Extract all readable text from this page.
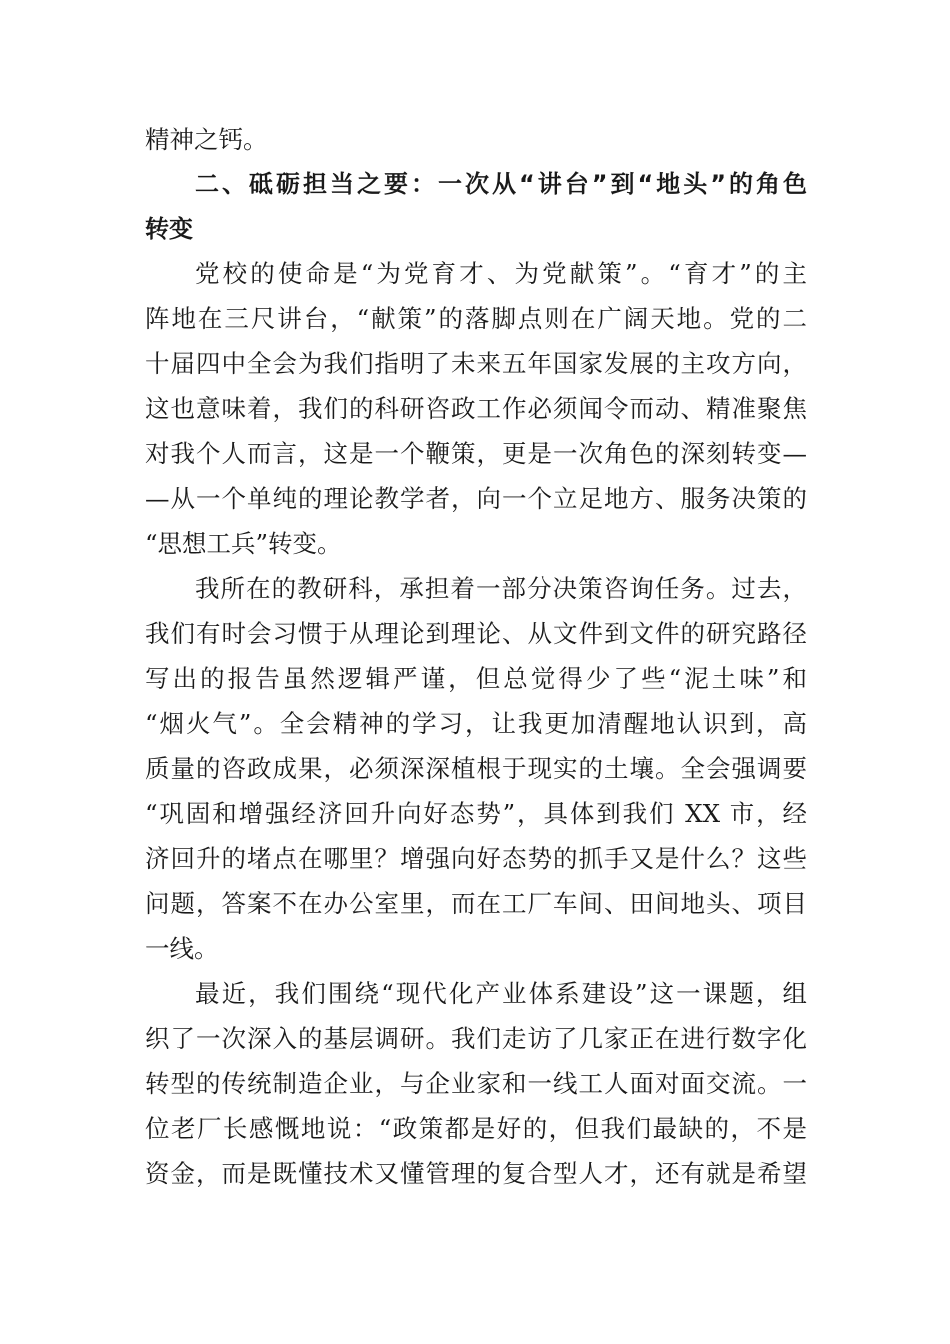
精神之钙。
二、砥砺担当之要：一次从“讲台”到“地头”的角色
转变
党校的使命是“为党育才、为党献策”。“育才”的主
阵地在三尺讲台，“献策”的落脚点则在广阔天地。党的二
十届四中全会为我们指明了未来五年国家发展的主攻方向，
这也意味着，我们的科研咨政工作必须闻令而动、精准聚焦
对我个人而言，这是一个鞭策，更是一次角色的深刻转变—
—从一个单纯的理论教学者，向一个立足地方、服务决策的
“思想工兵”转变。
我所在的教研科，承担着一部分决策咨询任务。过去，
我们有时会习惯于从理论到理论、从文件到文件的研究路径
写出的报告虽然逻辑严谨，但总觉得少了些“泥土味”和
“烟火气”。全会精神的学习，让我更加清醒地认识到，高
质量的咨政成果，必须深深植根于现实的土壤。全会强调要
“巩固和增强经济回升向好态势”，具体到我们 XX 市，经
济回升的堵点在哪里？增强向好态势的抓手又是什么？这些
问题，答案不在办公室里，而在工厂车间、田间地头、项目
一线。
最近，我们围绕“现代化产业体系建设”这一课题，组
织了一次深入的基层调研。我们走访了几家正在进行数字化
转型的传统制造企业，与企业家和一线工人面对面交流。一
位老厂长感慨地说：“政策都是好的，但我们最缺的，不是
资金，而是既懂技术又懂管理的复合型人才，还有就是希望
